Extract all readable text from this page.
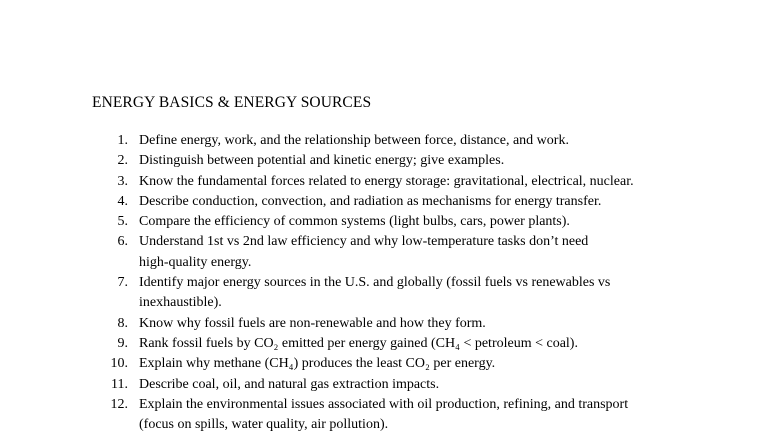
ENERGY BASICS & ENERGY SOURCES
1. Define energy, work, and the relationship between force, distance, and work.
2. Distinguish between potential and kinetic energy; give examples.
3. Know the fundamental forces related to energy storage: gravitational, electrical, nuclear.
4. Describe conduction, convection, and radiation as mechanisms for energy transfer.
5. Compare the efficiency of common systems (light bulbs, cars, power plants).
6. Understand 1st vs 2nd law efficiency and why low-temperature tasks don’t need
high-quality energy.
7. Identify major energy sources in the U.S. and globally (fossil fuels vs renewables vs
inexhaustible).
8. Know why fossil fuels are non-renewable and how they form.
9. Rank fossil fuels by CO₂ emitted per energy gained (CH₄ < petroleum < coal).
10. Explain why methane (CH₄) produces the least CO₂ per energy.
11. Describe coal, oil, and natural gas extraction impacts.
12. Explain the environmental issues associated with oil production, refining, and transport
(focus on spills, water quality, air pollution).
